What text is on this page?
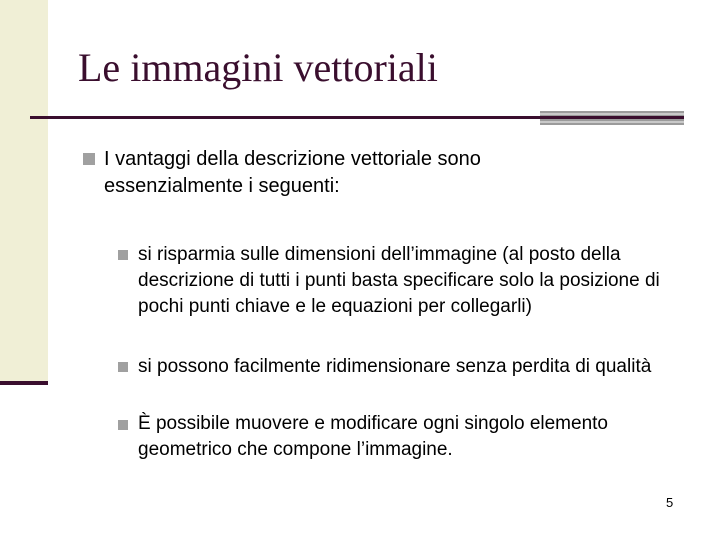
Le immagini vettoriali
I vantaggi della descrizione vettoriale sono essenzialmente i seguenti:
si risparmia sulle dimensioni dell’immagine (al posto della descrizione di tutti i punti basta specificare solo la posizione di pochi punti chiave e le equazioni per collegarli)
si possono facilmente ridimensionare senza perdita di qualità
È possibile muovere e modificare ogni singolo elemento geometrico che compone l’immagine.
5
